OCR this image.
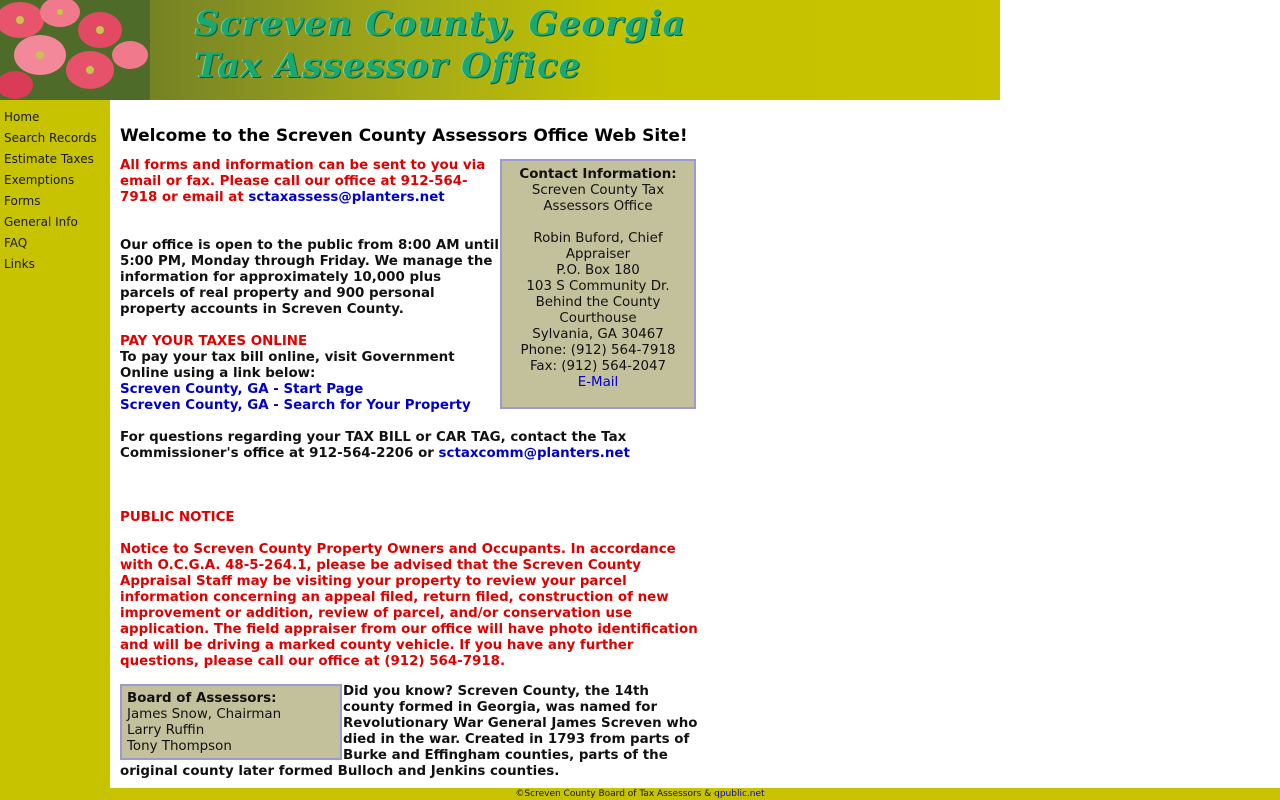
Screven County, Georgia
Tax Assessor Office
Home
Search Records
Estimate Taxes
Exemptions
Forms
General Info
FAQ
Links
Welcome to the Screven County Assessors Office Web Site!

All forms and information can be sent to you via email or fax. Please call our office at 912-564-7918 or email at sctaxassess@planters.net

Our office is open to the public from 8:00 AM until 5:00 PM, Monday through Friday. We manage the information for approximately 10,000 plus parcels of real property and 900 personal property accounts in Screven County.

PAY YOUR TAXES ONLINE

To pay your tax bill online, visit Government Online using a link below:

Screven County, GA - Start Page

Screven County, GA - Search for Your Property

For questions regarding your TAX BILL or CAR TAG, contact the Tax Commissioner's office at 912-564-2206 or sctaxcomm@planters.net

PUBLIC NOTICE

Notice to Screven County Property Owners and Occupants. In accordance with O.C.G.A. 48-5-264.1, please be advised that the Screven County Appraisal Staff may be visiting your property to review your parcel information concerning an appeal filed, return filed, construction of new improvement or addition, review of parcel, and/or conservation use application. The field appraiser from our office will have photo identification and will be driving a marked county vehicle. If you have any further questions, please call our office at (912) 564-7918.

Board of Assessors:
James Snow, Chairman
Larry Ruffin
Tony Thompson

Did you know? Screven County, the 14th county formed in Georgia, was named for Revolutionary War General James Screven who died in the war. Created in 1793 from parts of Burke and Effingham counties, parts of the original county later formed Bulloch and Jenkins counties.

Contact Information:
Screven County Tax
Assessors Office
Robin Buford, Chief
Appraiser
P.O. Box 180
103 S Community Dr.
Behind the County
Courthouse
Sylvania, GA 30467
Phone: (912) 564-7918
Fax: (912) 564-2047
E-Mail
©Screven County Board of Tax Assessors & qpublic.net
